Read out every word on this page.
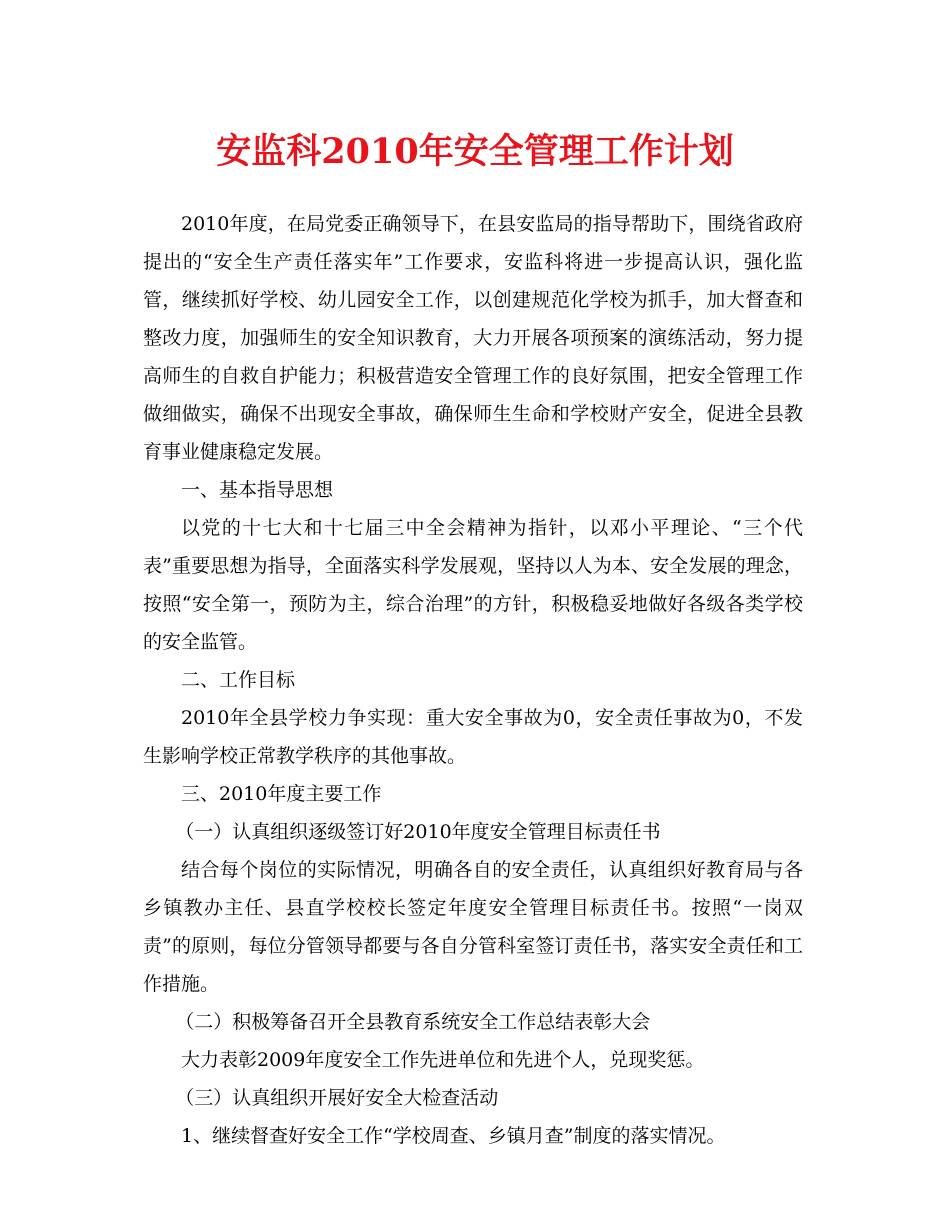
安监科2010年安全管理工作计划

2010年度，在局党委正确领导下，在县安监局的指导帮助下，围绕省政府提出的“安全生产责任落实年”工作要求，安监科将进一步提高认识，强化监管，继续抓好学校、幼儿园安全工作，以创建规范化学校为抓手，加大督查和整改力度，加强师生的安全知识教育，大力开展各项预案的演练活动，努力提高师生的自救自护能力；积极营造安全管理工作的良好氛围，把安全管理工作做细做实，确保不出现安全事故，确保师生生命和学校财产安全，促进全县教育事业健康稳定发展。

一、基本指导思想

以党的十七大和十七届三中全会精神为指针，以邓小平理论、“三个代表”重要思想为指导，全面落实科学发展观，坚持以人为本、安全发展的理念，按照“安全第一，预防为主，综合治理”的方针，积极稳妥地做好各级各类学校的安全监管。

二、工作目标

2010年全县学校力争实现：重大安全事故为0，安全责任事故为0，不发生影响学校正常教学秩序的其他事故。

三、2010年度主要工作

（一）认真组织逐级签订好2010年度安全管理目标责任书

结合每个岗位的实际情况，明确各自的安全责任，认真组织好教育局与各乡镇教办主任、县直学校校长签定年度安全管理目标责任书。按照“一岗双责”的原则，每位分管领导都要与各自分管科室签订责任书，落实安全责任和工作措施。

（二）积极筹备召开全县教育系统安全工作总结表彰大会

大力表彰2009年度安全工作先进单位和先进个人，兑现奖惩。

（三）认真组织开展好安全大检查活动

1、继续督查好安全工作“学校周查、乡镇月查”制度的落实情况。
